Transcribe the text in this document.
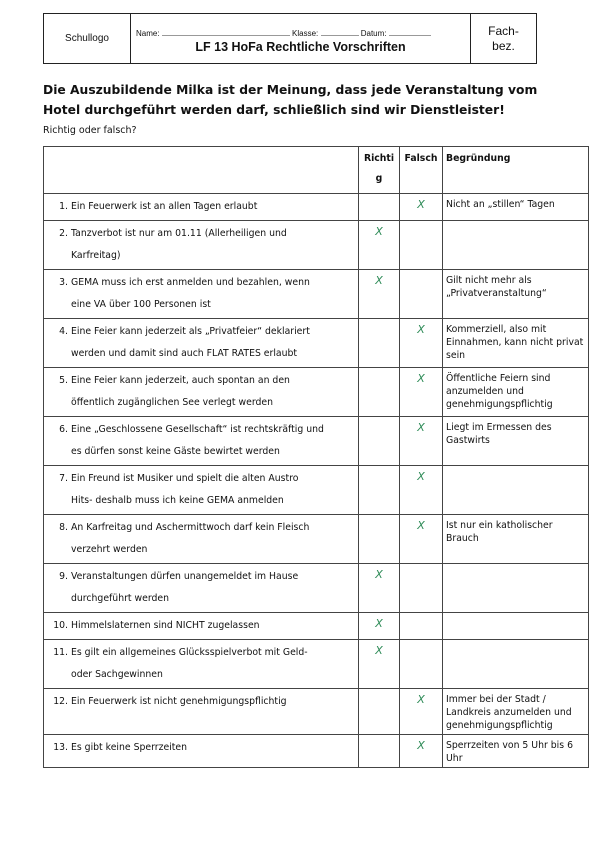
Schullogo	Name:	Klasse:	Datum:
LF 13 HoFa Rechtliche Vorschriften
Fach-
bez.
Die Auszubildende Milka ist der Meinung, dass jede Veranstaltung vom Hotel durchgeführt werden darf, schließlich sind wir Dienstleister!
Richtig oder falsch?
	Richti
g	Falsch	Begründung

1. Ein Feuerwerk ist an allen Tagen erlaubt		X	Nicht an „stillen“ Tagen

2. Tanzverbot ist nur am 01.11 (Allerheiligen und
Karfreitag)	X		

3. GEMA muss ich erst anmelden und bezahlen, wenn
eine VA über 100 Personen ist	X		Gilt nicht mehr als „Privatveranstaltung“

4. Eine Feier kann jederzeit als „Privatfeier“ deklariert
werden und damit sind auch FLAT RATES erlaubt		X	Kommerziell, also mit Einnahmen, kann nicht privat sein

5. Eine Feier kann jederzeit, auch spontan an den
öffentlich zugänglichen See verlegt werden		X	Öffentliche Feiern sind anzumelden und genehmigungspflichtig

6. Eine „Geschlossene Gesellschaft“ ist rechtskräftig und
es dürfen sonst keine Gäste bewirtet werden		X	Liegt im Ermessen des Gastwirts

7. Ein Freund ist Musiker und spielt die alten Austro
Hits- deshalb muss ich keine GEMA anmelden		X	

8. An Karfreitag und Aschermittwoch darf kein Fleisch
verzehrt werden		X	Ist nur ein katholischer Brauch

9. Veranstaltungen dürfen unangemeldet im Hause
durchgeführt werden	X		

10. Himmelslaternen sind NICHT zugelassen	X		

11. Es gilt ein allgemeines Glücksspielverbot mit Geld-
oder Sachgewinnen	X		

12. Ein Feuerwerk ist nicht genehmigungspflichtig		X	Immer bei der Stadt / Landkreis anzumelden und genehmigungspflichtig

13. Es gibt keine Sperrzeiten		X	Sperrzeiten von 5 Uhr bis 6 Uhr
